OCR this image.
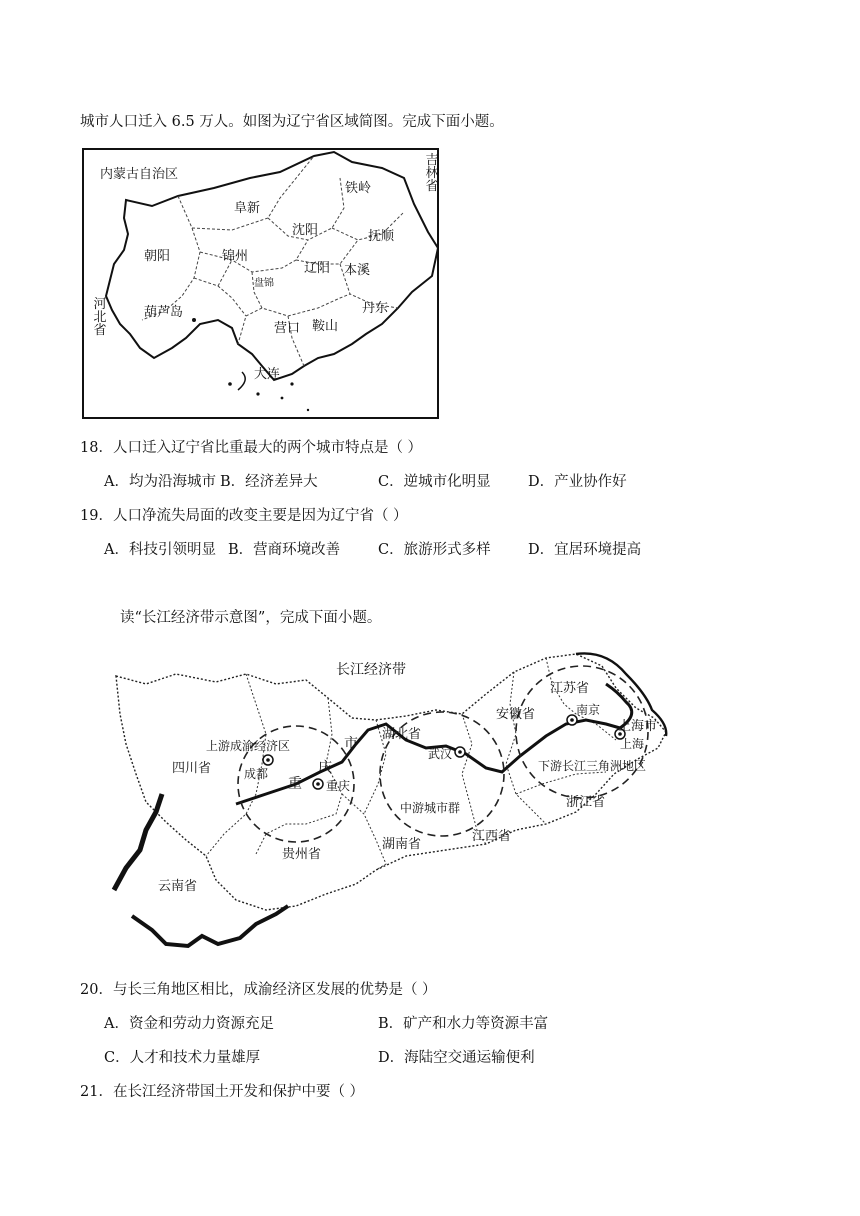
城市人口迁入 6.5 万人。如图为辽宁省区域简图。完成下面小题。
内蒙古自治区
阜新
铁岭
沈阳	抚顺
朝阳	锦州
盘锦
辽阳 本溪
葫芦岛
营口 鞍山
丹东
大连
吉林省
河北省
18．人口迁入辽宁省比重最大的两个城市特点是（ ）
A．均为沿海城市 B．经济差异大	C．逆城市化明显	D．产业协作好
19．人口净流失局面的改变主要是因为辽宁省（ ）
A．科技引领明显 B．营商环境改善	C．旅游形式多样	D．宜居环境提高
读“长江经济带示意图”，完成下面小题。
长江经济带
江苏省
安徽省	南京
上海市
上海
湖北省
武汉
四川省
上游成渝经济区
成都
市
庆
重 重庆
中游城市群
下游长江三角洲地区
浙江省
贵州省
湖南省
江西省
云南省
20．与长三角地区相比，成渝经济区发展的优势是（ ）
A．资金和劳动力资源充足	B．矿产和水力等资源丰富
C．人才和技术力量雄厚	D．海陆空交通运输便利
21．在长江经济带国土开发和保护中要（ ）
